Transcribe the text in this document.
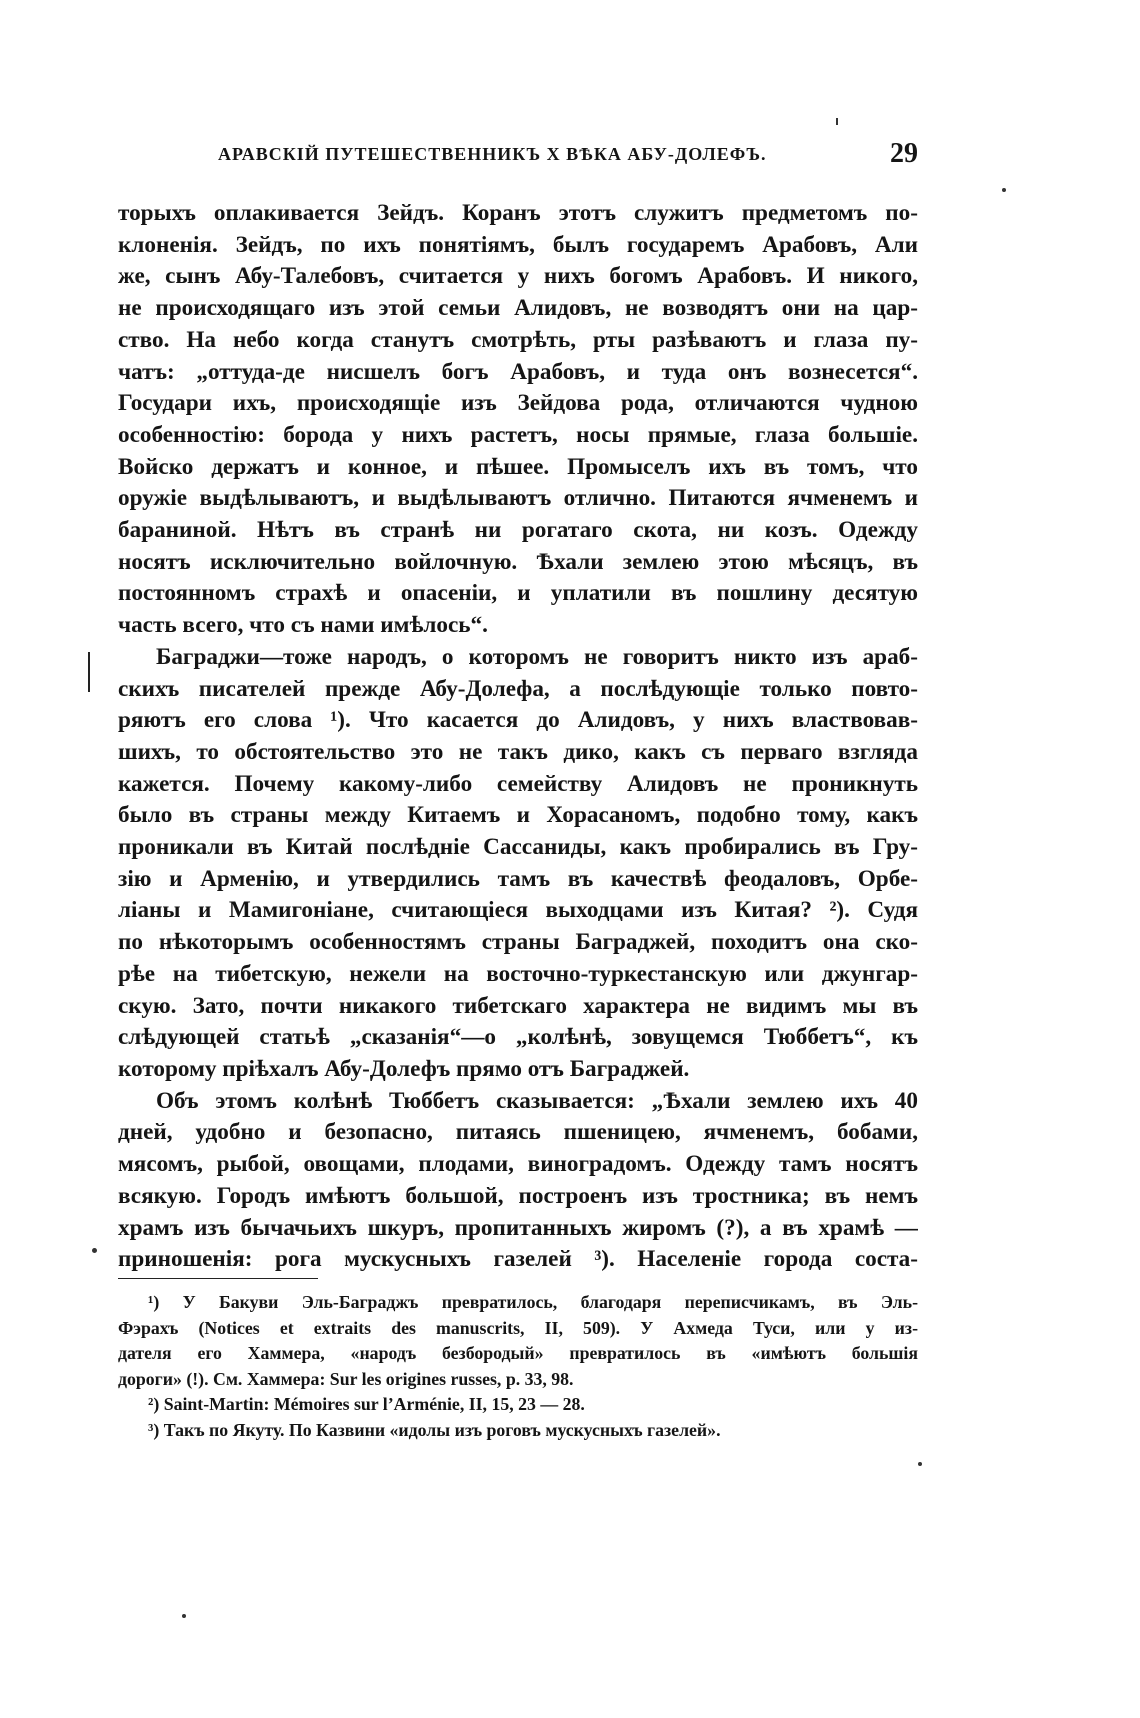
АРАВСКІЙ ПУТЕШЕСТВЕННИКЪ X ВѢКА АБУ-ДОЛЕФЪ.	29
торыхъ оплакивается Зейдъ. Коранъ этотъ служитъ предметомъ по-
клоненія. Зейдъ, по ихъ понятіямъ, былъ государемъ Арабовъ, Али
же, сынъ Абу-Талебовъ, считается у нихъ богомъ Арабовъ. И никого,
не происходящаго изъ этой семьи Алидовъ, не возводятъ они на цар-
ство. На небо когда станутъ смотрѣть, рты разѣваютъ и глаза пу-
чатъ: „оттуда-де нисшелъ богъ Арабовъ, и туда онъ вознесется“.
Государи ихъ, происходящіе изъ Зейдова рода, отличаются чудною
особенностію: борода у нихъ растетъ, носы прямые, глаза большіе.
Войско держатъ и конное, и пѣшее. Промыселъ ихъ въ томъ, что
оружіе выдѣлываютъ, и выдѣлываютъ отлично. Питаются ячменемъ и
бараниной. Нѣтъ въ странѣ ни рогатаго скота, ни козъ. Одежду
носятъ исключительно войлочную. Ѣхали землею этою мѣсяцъ, въ
постоянномъ страхѣ и опасеніи, и уплатили въ пошлину десятую
часть всего, что съ нами имѣлось“.
Баграджи—тоже народъ, о которомъ не говоритъ никто изъ араб-
скихъ писателей прежде Абу-Долефа, а послѣдующіе только повто-
ряютъ его слова ¹). Что касается до Алидовъ, у нихъ властвовав-
шихъ, то обстоятельство это не такъ дико, какъ съ перваго взгляда
кажется. Почему какому-либо семейству Алидовъ не проникнуть
было въ страны между Китаемъ и Хорасаномъ, подобно тому, какъ
проникали въ Китай послѣдніе Сассаниды, какъ пробирались въ Гру-
зію и Арменію, и утвердились тамъ въ качествѣ феодаловъ, Орбе-
ліаны и Мамигоніане, считающіеся выходцами изъ Китая? ²). Судя
по нѣкоторымъ особенностямъ страны Баграджей, походитъ она ско-
рѣе на тибетскую, нежели на восточно-туркестанскую или джунгар-
скую. Зато, почти никакого тибетскаго характера не видимъ мы въ
слѣдующей статьѣ „сказанія“—о „колѣнѣ, зовущемся Тюббетъ“, къ
которому пріѣхалъ Абу-Долефъ прямо отъ Баграджей.
Объ этомъ колѣнѣ Тюббетъ сказывается: „Ѣхали землею ихъ 40
дней, удобно и безопасно, питаясь пшеницею, ячменемъ, бобами,
мясомъ, рыбой, овощами, плодами, виноградомъ. Одежду тамъ носятъ
всякую. Городъ имѣютъ большой, построенъ изъ тростника; въ немъ
храмъ изъ бычачьихъ шкуръ, пропитанныхъ жиромъ (?), а въ храмѣ —
приношенія: рога мускусныхъ газелей ³). Населеніе города соста-
¹) У Бакуви Эль-Баграджъ превратилось, благодаря переписчикамъ, въ Эль-
Фэрахъ (Notices et extraits des manuscrits, II, 509). У Ахмеда Туси, или у из-
дателя его Хаммера, «народъ безбородый» превратилось въ «имѣютъ большія
дороги» (!). См. Хаммера: Sur les origines russes, p. 33, 98.
²) Saint-Martin: Mémoires sur l’Arménie, II, 15, 23 — 28.
³) Такъ по Якуту. По Казвини «идолы изъ роговъ мускусныхъ газелей».
